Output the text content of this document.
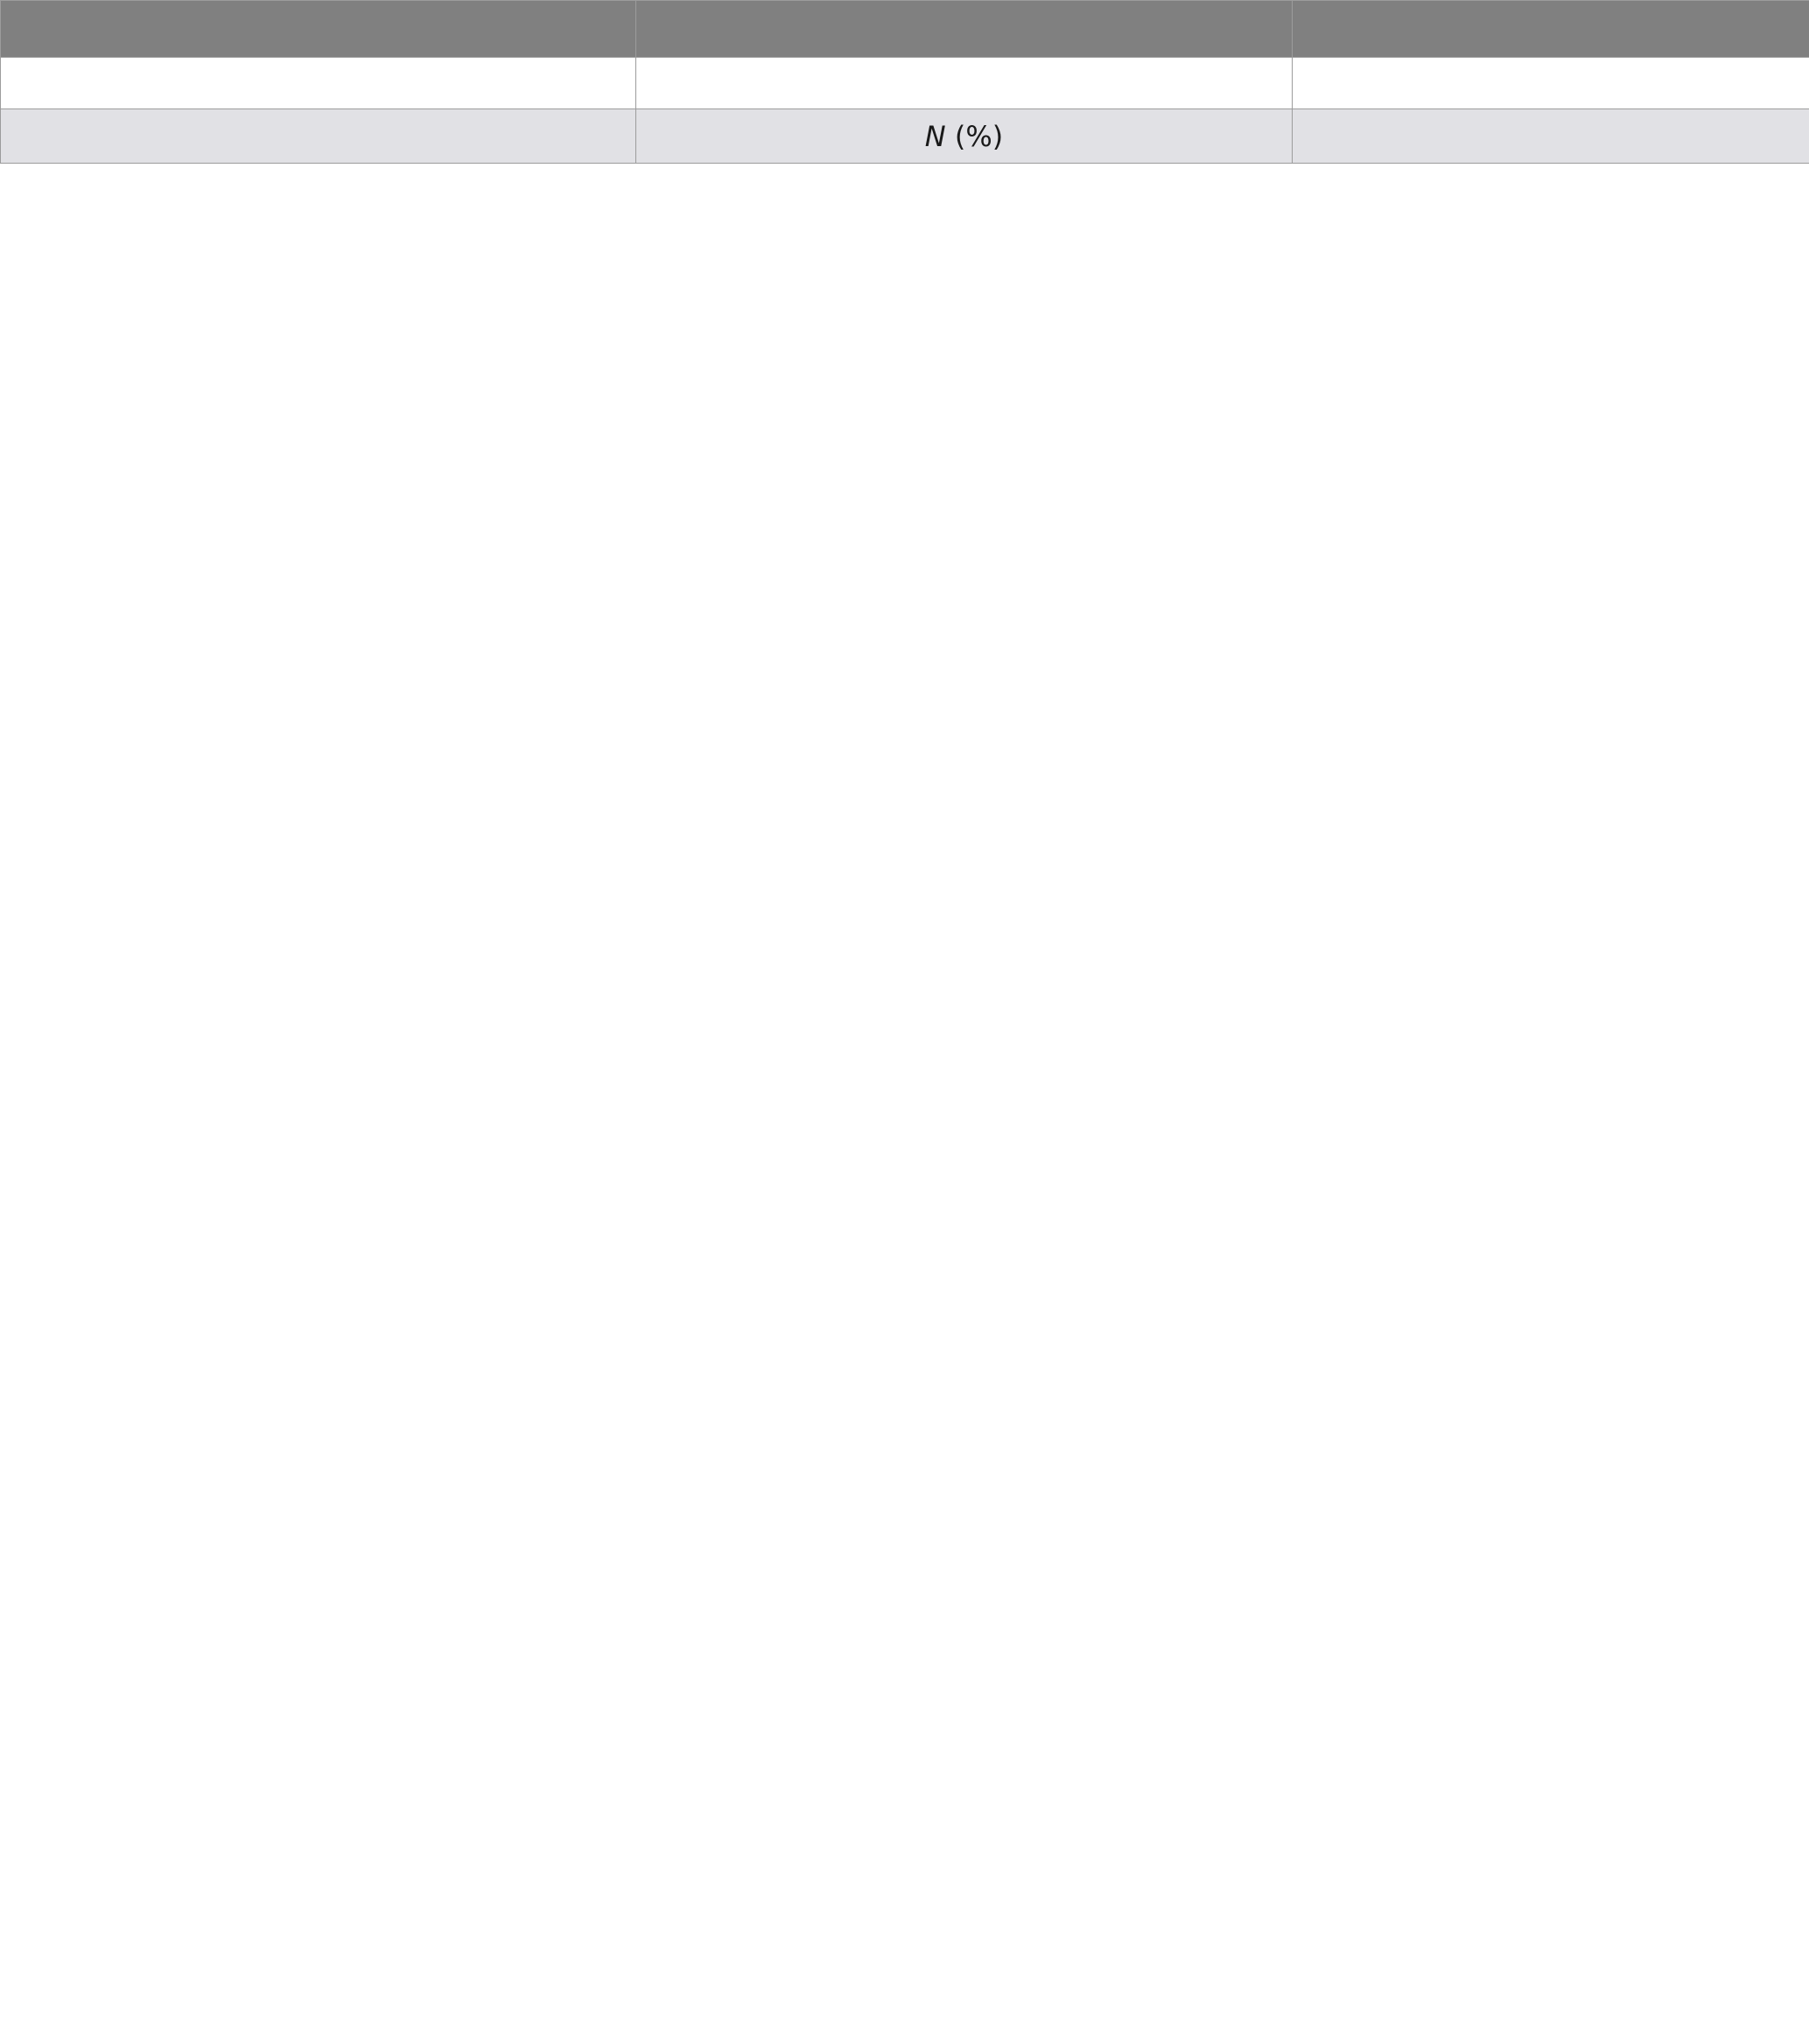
	N (%)	
